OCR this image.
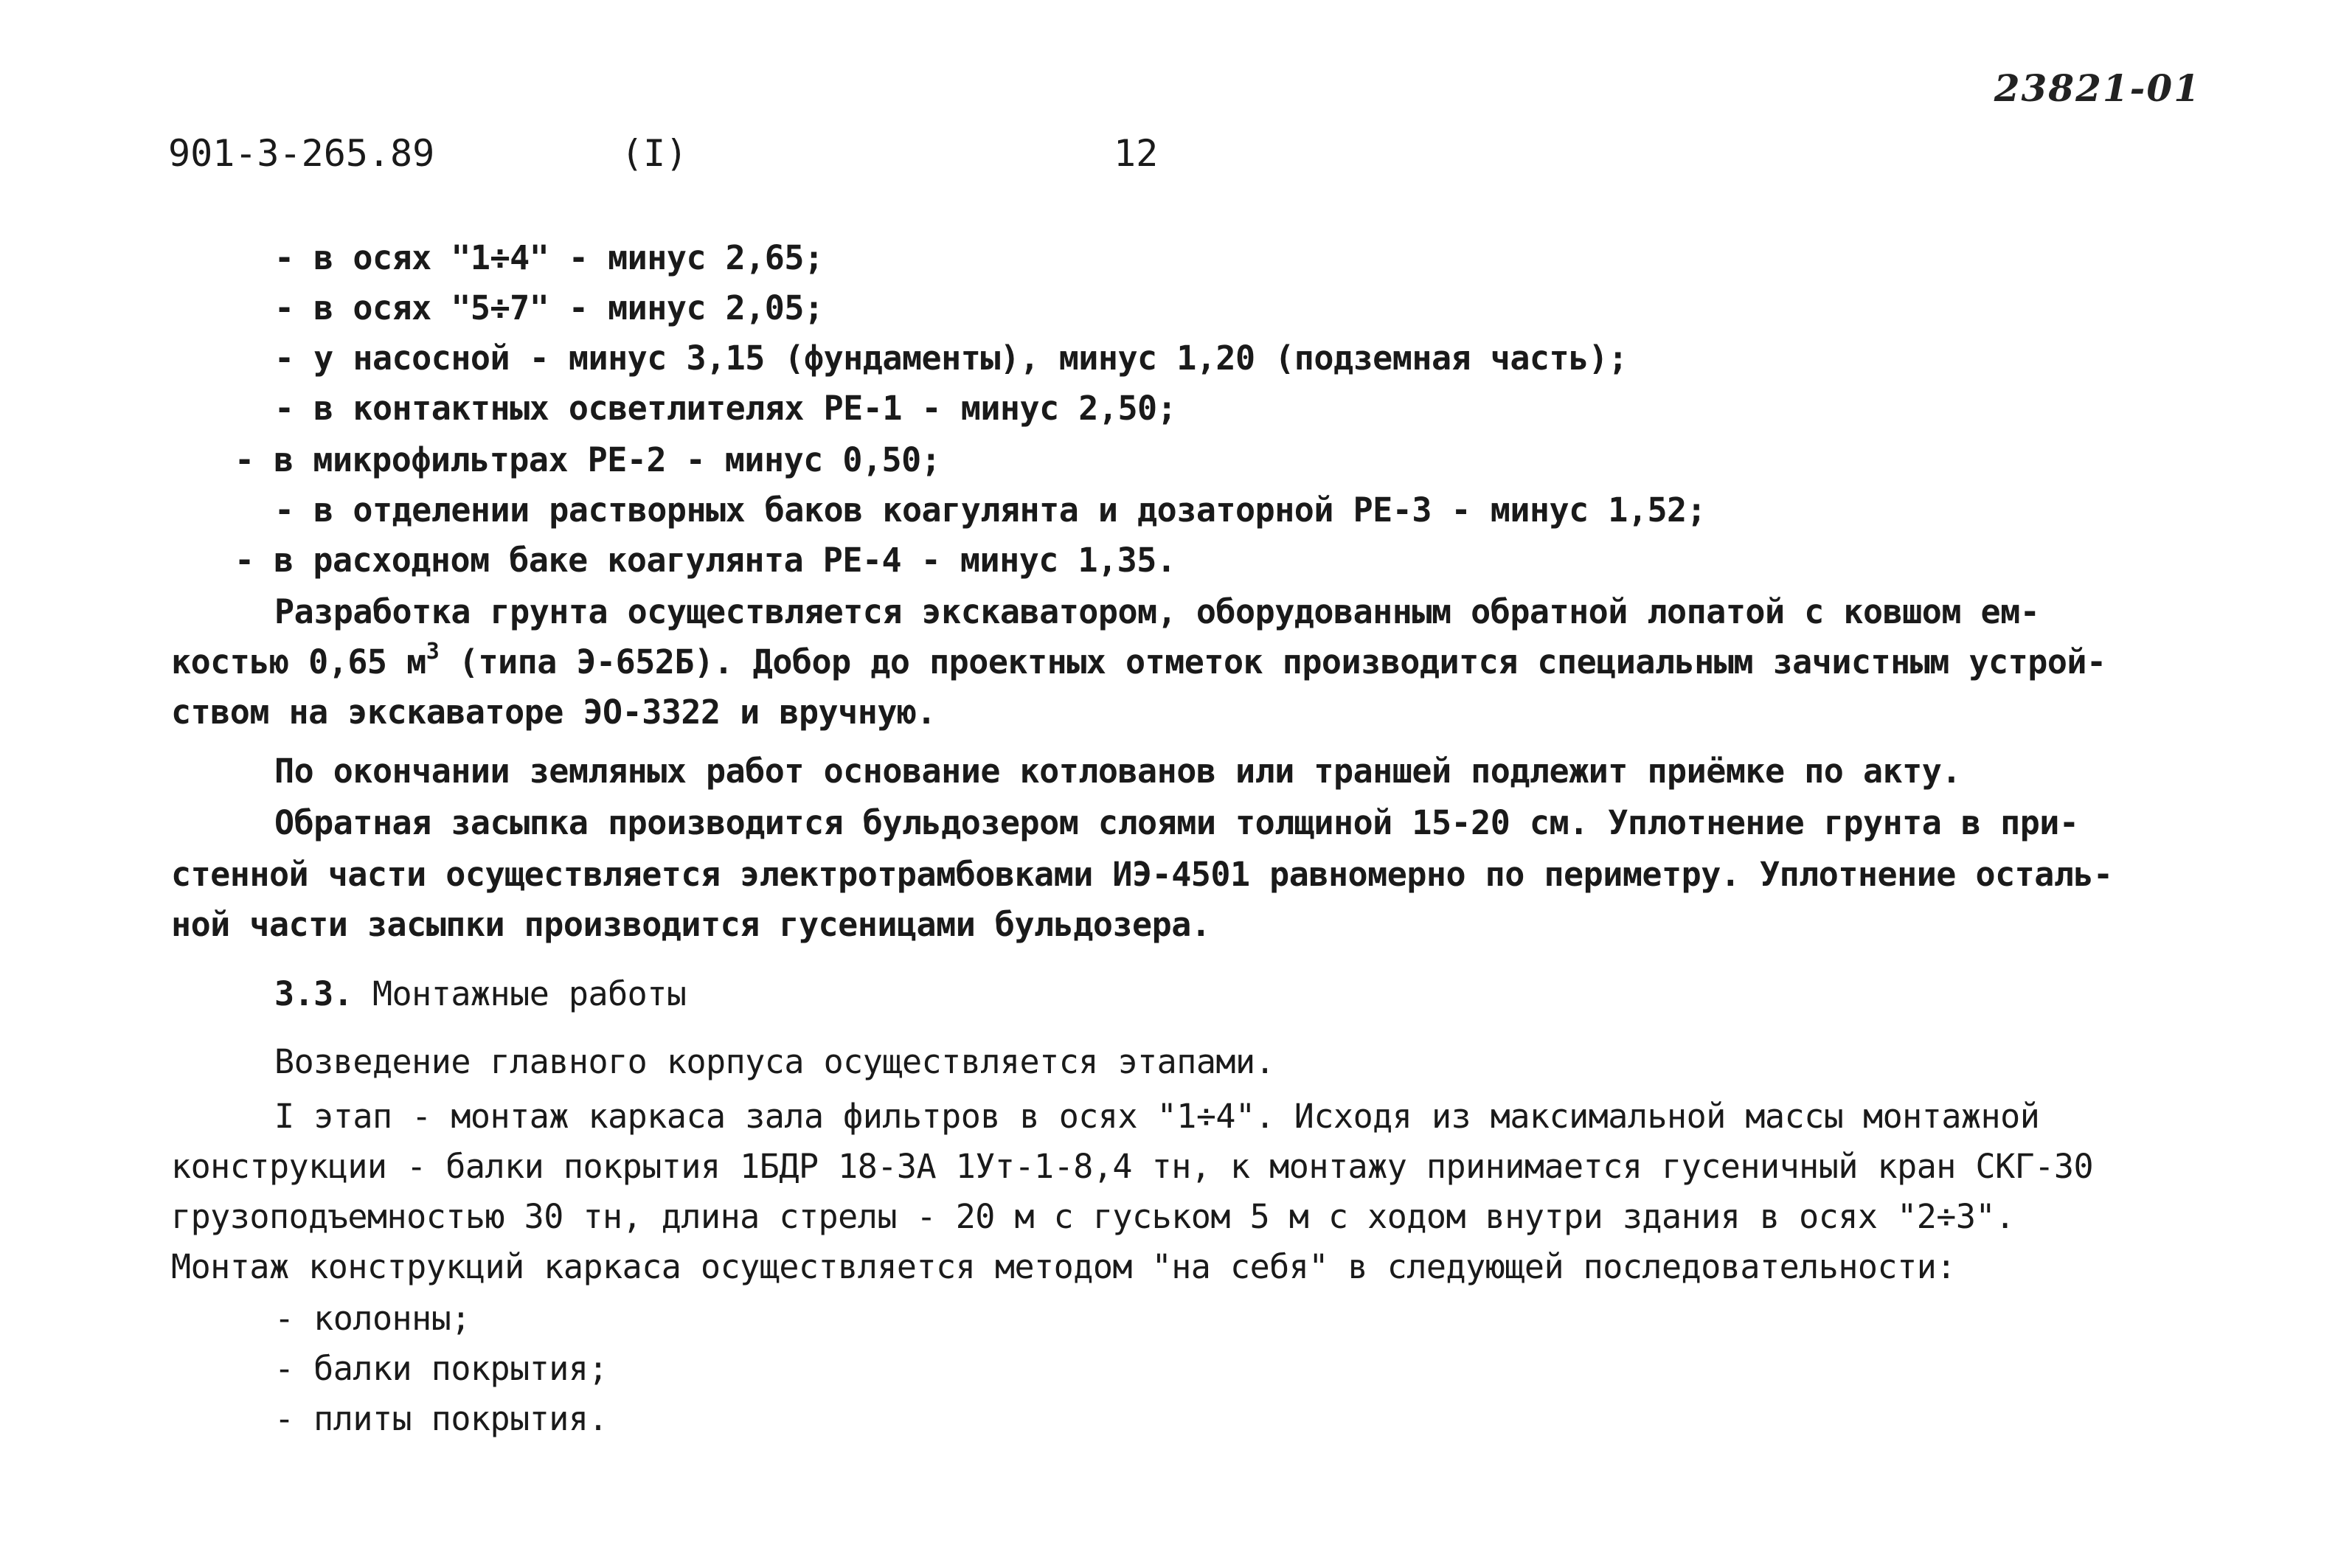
23821-01
901-3-265.89	(I)	12
- в осях "1÷4" - минус 2,65;
- в осях "5÷7" - минус 2,05;
- у насосной - минус 3,15 (фундаменты), минус 1,20 (подземная часть);
- в контактных осветлителях РЕ-1 - минус 2,50;
- в микрофильтрах РЕ-2 - минус 0,50;
- в отделении растворных баков коагулянта и дозаторной РЕ-3 - минус 1,52;
- в расходном баке коагулянта РЕ-4 - минус 1,35.
Разработка грунта осуществляется экскаватором, оборудованным обратной лопатой с ковшом ем-
костью 0,65 $м^3$ (типа Э-652Б). Добор до проектных отметок производится специальным зачистным устрой-
ством на экскаваторе ЭО-3322 и вручную.
По окончании земляных работ основание котлованов или траншей подлежит приёмке по акту.
Обратная засыпка производится бульдозером слоями толщиной 15-20 см. Уплотнение грунта в при-
стенной части осуществляется электротрамбовками ИЭ-4501 равномерно по периметру. Уплотнение осталь-
ной части засыпки производится гусеницами бульдозера.
3.3. Монтажные работы
Возведение главного корпуса осуществляется этапами.
I этап - монтаж каркаса зала фильтров в осях "1÷4". Исходя из максимальной массы монтажной
конструкции - балки покрытия 1БДР 18-3А 1Ут-1-8,4 тн, к монтажу принимается гусеничный кран СКГ-30
грузоподъемностью 30 тн, длина стрелы - 20 м с гуськом 5 м с ходом внутри здания в осях "2÷3".
Монтаж конструкций каркаса осуществляется методом "на себя" в следующей последовательности:
- колонны;
- балки покрытия;
- плиты покрытия.
